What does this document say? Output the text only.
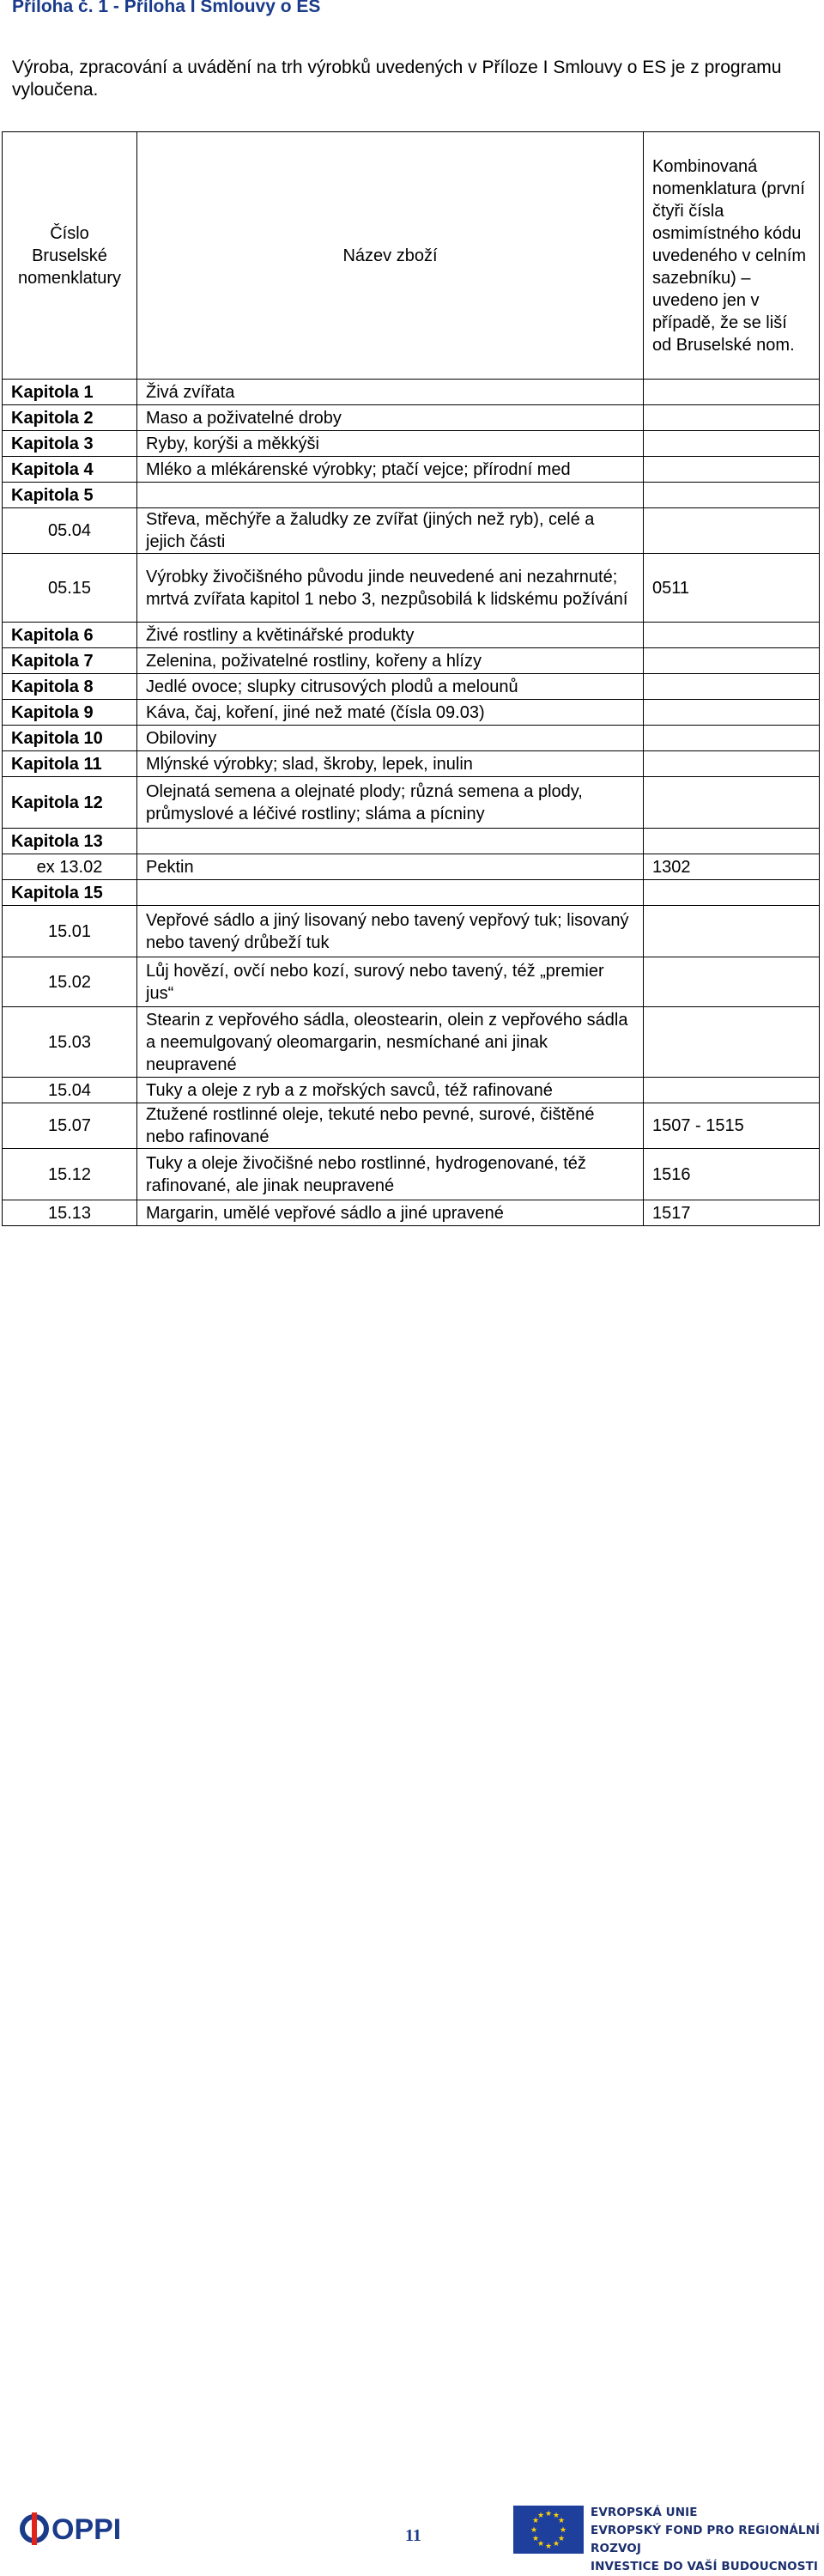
Příloha č. 1 - Příloha I Smlouvy o ES
Výroba, zpracování a uvádění na trh výrobků uvedených v Příloze I Smlouvy o ES je z programu vyloučena.
Číslo Bruselské nomenklatury	Název zboží	Kombinovaná nomenklatura (první čtyři čísla osmimístného kódu uvedeného v celním sazebníku) – uvedeno jen v případě, že se liší od Bruselské nom.
Kapitola 1	Živá zvířata	
Kapitola 2	Maso a poživatelné droby	
Kapitola 3	Ryby, korýši a měkkýši	
Kapitola 4	Mléko a mlékárenské výrobky; ptačí vejce; přírodní med	
Kapitola 5		
05.04	Střeva, měchýře a žaludky ze zvířat (jiných než ryb), celé a jejich části	
05.15	Výrobky živočišného původu jinde neuvedené ani nezahrnuté; mrtvá zvířata kapitol 1 nebo 3, nezpůsobilá k lidskému požívání	0511
Kapitola 6	Živé rostliny a květinářské produkty	
Kapitola 7	Zelenina, poživatelné rostliny, kořeny a hlízy	
Kapitola 8	Jedlé ovoce; slupky citrusových plodů a melounů	
Kapitola 9	Káva, čaj, koření, jiné než maté (čísla 09.03)	
Kapitola 10	Obiloviny	
Kapitola 11	Mlýnské výrobky; slad, škroby, lepek, inulin	
Kapitola 12	Olejnatá semena a olejnaté plody; různá semena a plody, průmyslové a léčivé rostliny; sláma a pícniny	
Kapitola 13		
ex 13.02	Pektin	1302
Kapitola 15		
15.01	Vepřové sádlo a jiný lisovaný nebo tavený vepřový tuk; lisovaný nebo tavený drůbeží tuk	
15.02	Lůj hovězí, ovčí nebo kozí, surový nebo tavený, též „premier jus“	
15.03	Stearin z vepřového sádla, oleostearin, olein z vepřového sádla a neemulgovaný oleomargarin, nesmíchané ani jinak neupravené	
15.04	Tuky a oleje z ryb a z mořských savců, též rafinované	
15.07	Ztužené rostlinné oleje, tekuté nebo pevné, surové, čištěné nebo rafinované	1507 - 1515
15.12	Tuky a oleje živočišné nebo rostlinné, hydrogenované, též rafinované, ale jinak neupravené	1516
15.13	Margarin, umělé vepřové sádlo a jiné upravené	1517
OPPI	11
★ ★
★
★
★
★
★
★
★
★
★
★	EVROPSKÁ UNIE
EVROPSKÝ FOND PRO REGIONÁLNÍ ROZVOJ
INVESTICE DO VAŠÍ BUDOUCNOSTI
